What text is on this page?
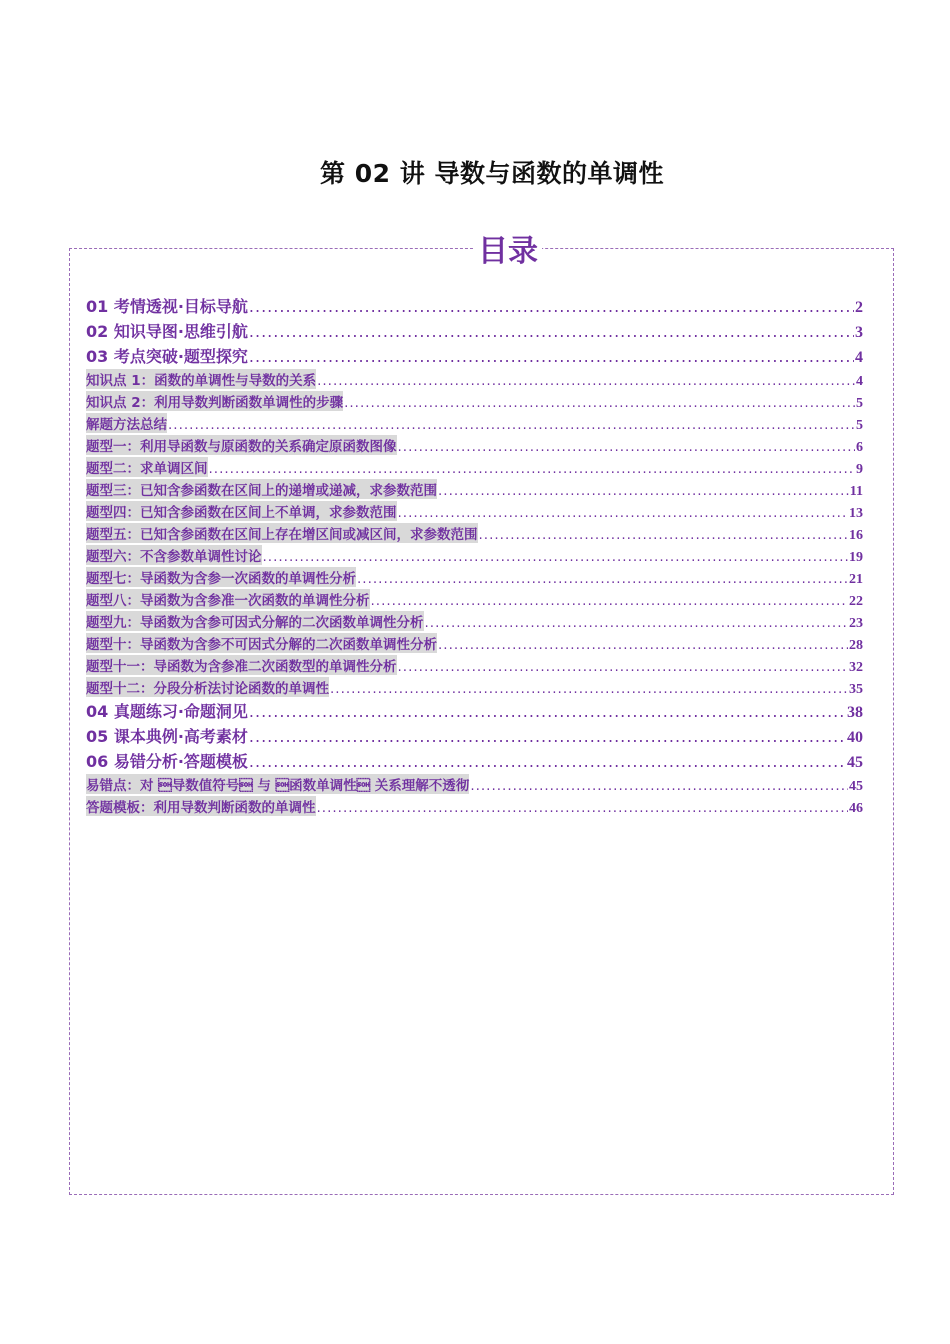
第 02 讲 导数与函数的单调性
目录
01 考情透视·目标导航 .....	2
02 知识导图·思维引航 .....	3
03 考点突破·题型探究 .....	4
知识点 1：函数的单调性与导数的关系 .....	4
知识点 2：利用导数判断函数单调性的步骤 .....	5
解题方法总结 .....	5
题型一：利用导函数与原函数的关系确定原函数图像 .....	6
题型二：求单调区间 .....	9
题型三：已知含参函数在区间上的递增或递减，求参数范围 .....	11
题型四：已知含参函数在区间上不单调，求参数范围 .....	13
题型五：已知含参函数在区间上存在增区间或减区间，求参数范围 .....	16
题型六：不含参数单调性讨论 .....	19
题型七：导函数为含参一次函数的单调性分析 .....	21
题型八：导函数为含参准一次函数的单调性分析 .....	22
题型九：导函数为含参可因式分解的二次函数单调性分析 .....	23
题型十：导函数为含参不可因式分解的二次函数单调性分析 .....	28
题型十一：导函数为含参准二次函数型的单调性分析 .....	32
题型十二：分段分析法讨论函数的单调性 .....	35
04 真题练习·命题洞见 .....	38
05 课本典例·高考素材 .....	40
06 易错分析·答题模板 .....	45
易错点：对 导数值符号 与 函数单调性 关系理解不透彻 .....	45
答题模板：利用导数判断函数的单调性 .....	46
